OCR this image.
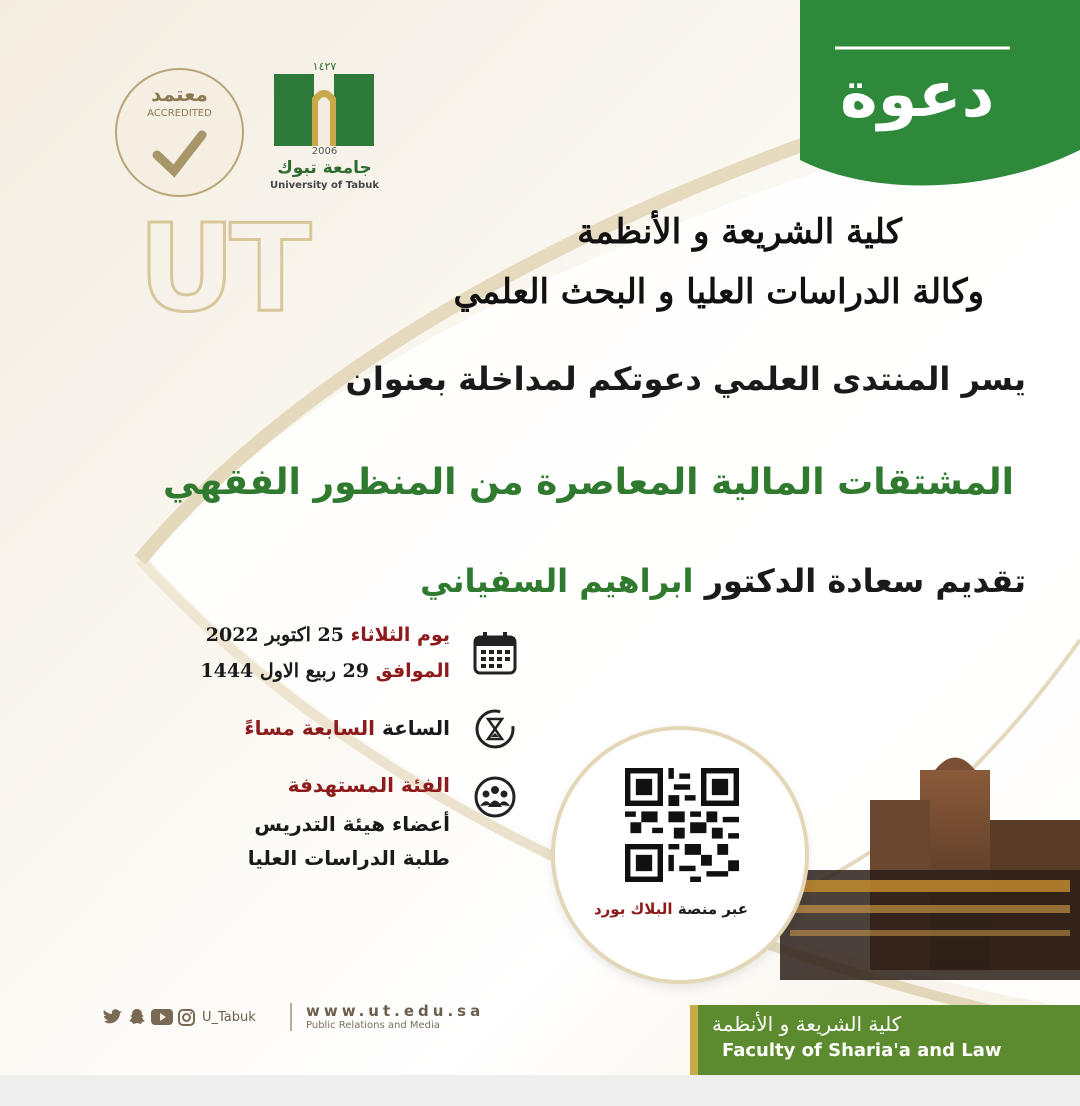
دعوة
معتمد
ACCREDITED
١٤٢٧
2006
جامعة تبوك
University of Tabuk
UT	كلية الشريعة و الأنظمة
وكالة الدراسات العليا و البحث العلمي
يسر المنتدى العلمي دعوتكم لمداخلة بعنوان
المشتقات المالية المعاصرة من المنظور الفقهي
تقديم سعادة الدكتور ابراهيم السفياني
يوم الثلاثاء 25 اكتوبر 2022
الموافق 29 ربيع الاول 1444
الساعة السابعة مساءً
الفئة المستهدفة
أعضاء هيئة التدريس
طلبة الدراسات العليا
عبر منصة البلاك بورد
U_Tabuk	www.ut.edu.sa
Public Relations and Media	كلية الشريعة و الأنظمة
Faculty of Sharia'a and Law
